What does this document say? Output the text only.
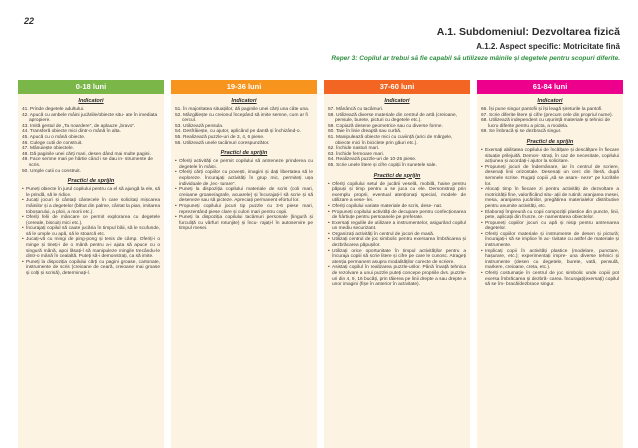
22
A.1. Subdomeniul: Dezvoltarea fizică
A.1.2. Aspect specific: Motricitate fină
Reper 3: Copilul ar trebui să fie capabil să utilizeze mâinile și degetele pentru scopuri diferite.
0-18 luni
Indicatori
41. Prinde degetele adultului.
42. Apucă cu ambele mâini jucăriile/obiecte situ- ate în imediata apropiere.
43. Imită gestul de „Ta noardere”, de aplauze „bravo”.
44. Transferă obiecte mici dintr-o mână în alta.
45. Apucă cu o mână obiecte.
46. Culege cutii de construit.
47. Mânuiește obiectele.
48. Dă paginile unei cărți mari, desen dând mai multe pagini.
49. Face semne mari pe hârtie când i se dau in- strumente de scris.
50. Umple cutii cu construit.
Practici de sprijin
• Puneți obiecte în jurul copilului pentru ca el să ajungă la ele, să le prindă, să le ridice.
• Jucați jocuri și cântați cântecele în care solicitați mișcarea mâinilor și a degetelor (bătut din palme, cântat la pian, imitarea toboșarului, a ploii, a morii etc.).
• Oferiți felii de mâncare ce permit explorarea cu degetele (cereale, biscuiți mici etc.).
• Încurajați copilul să caute jucăria în timpul băii, să le scufunde, să le umple cu apă, să le stoarcă etc.
• Jucați-vă cu mingi de ping-pong și tenis de câmp. Oferiți-i o minge și tineți-i de o mână pentru a-i ajuta să apuce cu o singură mână, apoi lăsați-l să manipuleze mingile trecându-le dintr-o mână în cealaltă. Puteți să-i demonstrați, ca să imite.
• Puneți la dispoziția copilului cărți cu pagini groase, cartonate, instrumente de scris (creioane de ceară, creioane mai groase și colți și scrisă), determinați-l.
19-36 luni
Indicatori
51. În majoritatea situațiilor, dă paginile unei cărți una câte una.
52. Mâzgălește cu creionul începând să imite semne, cum ar fi cercul.
53. Utilizează pensula.
54. Desfrâiește, cu ajutor, aplicând pe dantă și închizând-o.
55. Realizează puzzle-uri de 3, 4, 6 piese.
56. Utilizează unele tacâmuri corespunzător.
Practici de sprijin
• Oferiți activități ce permit copilului să antreneze prinderea cu degetele în mâini.
• Oferiți cărți copiilor cu povești, imagini și dați libertatea să le exploreze. Încurajați activități în grup mic, permiteți ușa individuale de „lec- turare”.
• Puneți la dispoziția copilului materiale de scris (coli mari, creioane groase/agrafe, acuarele) și încurajați-l să scrie și să deseneze sau să picteze. Apreciați permanent efortul lor.
• Propuneți copilului jocuri tip puzzle cu 3-6 piese mari, reprezentând piese clare și culori mari pentru copii.
• Puneți la dispoziția copilului tacâmuri personale (lingură și furculiță cu vârfuri rotunjite) și încu- rajați-l în autoservire pe timpul mesei.
37-60 luni
Indicatori
57. Mânâncă cu tacâmuri.
58. Utilizează diverse materiale din centrul de artă (creioane, pensule, burete, picturi cu degetele etc.).
59. Copiază desene geometrice sau cu diverse forme.
60. Taie în linie dreaptă sau curbă.
61. Manipulează obiecte mici cu cuviință (arici de mărgele, obiecte mici în biciclete prin găuri etc.).
62. Închide nasturi mari.
63. Închide fermoare mari.
64. Realizează puzzle-uri de 10-25 piese.
65. Scrie unele litere și cifre copiții în sunetele sale.
Practici de sprijin
• Oferiți copilului setul de jucării veselă, mobilă, haine pentru păpuși și timp pentru a se juca cu ele. Demonstrați prin exemplu proprii, eventual atenționați special, modele de utilizare a vese- lei.
• Oferiți copilului variate materiale de scris, dese- nat.
• Propuneți copilului activități de decupare pentru confecționarea de hârtiuțe pentru persoanele pe preferate.
• Exersați regulile de utilizare a instrumentelor, asigurând copilul un mediu securizant.
• Organizați activități în centrul de jocori de masă.
• Utilizați centrul de joc simbolic pentru exersarea îmbrăcarea și dezbrăcarea păpușilor.
• Utilizați orice oportunitate în timpul activităților pentru a încuraja copiii să scrie litere și cifre pe care le cunosc. Atrageți atenția permanent asupra modalităților corecte de scriere.
• Asistați copilul în realizarea puzzle-urilor. Până învață tehnica de rezolvare a unui puzzle puteți concepe propriile dvs. puzzle-uri din 4, 9, 16 bucăți, prin tăierea pe linii drepte a sau drepte a unor imagini (fișe în anterior în activitate).
61-84 luni
Indicatori
66. Își pune singur pantofii și își leagă șireturile la pantofi.
67. Scrie diferite litere și cifre (precum cele din propriul nume).
68. Utilizează independent cu ușurință materiale și tehnici de lucru diferite pentru a picta, a modela.
69. Se îmbracă și se dezbracă singur.
Practici de sprijin
• Exersați abilitatea copilului de încălțare și descălțare în fiecare situație prilejuită. Demon- strați, în caz de necesitate, copilului acțiunea și acordați-i ajutor la solicitare.
• Propuneți jocuri de îndemânare, iar în centrul de scriere, desenați linii orizontale. Desenați un cerc din literă, după semnele scrise. Rugați copiii „să se asam- neze” pe lucrările lor.
• Alocați timp în fiecare zi pentru activități de dezvoltare a motricității fine, valorificând situ- ații de rutină: aranjarea mesei, mesa, aranjarea jucăriilor, pregătirea materialelor distributive pentru anumite activități, etc.
• Elaborați împreună cu copii compoziții plastice din puncte, linii, pete, aplicații din frunze, or- namentarea obiectelor.
• Propuneți copiilor jocuri cu apă și nisip pentru antrenarea degetelor.
• Oferiți copiilor materiale și instrumente de desen și pictură; încurajați-i să se implice în ac- tivitate cu astfel de materiale și instrumente.
• Implicați copii în activități plastice (modelare, punctare, hașurare, etc.); experimentați impre- una diverse tehnici și instrumente (desen cu degetele, burete, vată, pensulă, markere, creioane, creta, etc.).
• Oferiți costumație în centrul de joc simbolic unde copiii pot exersa îmbrăcarea și dezbră- carea. Încurajați(exersați) copilul să se îm- bracă/dezbrace singur.
